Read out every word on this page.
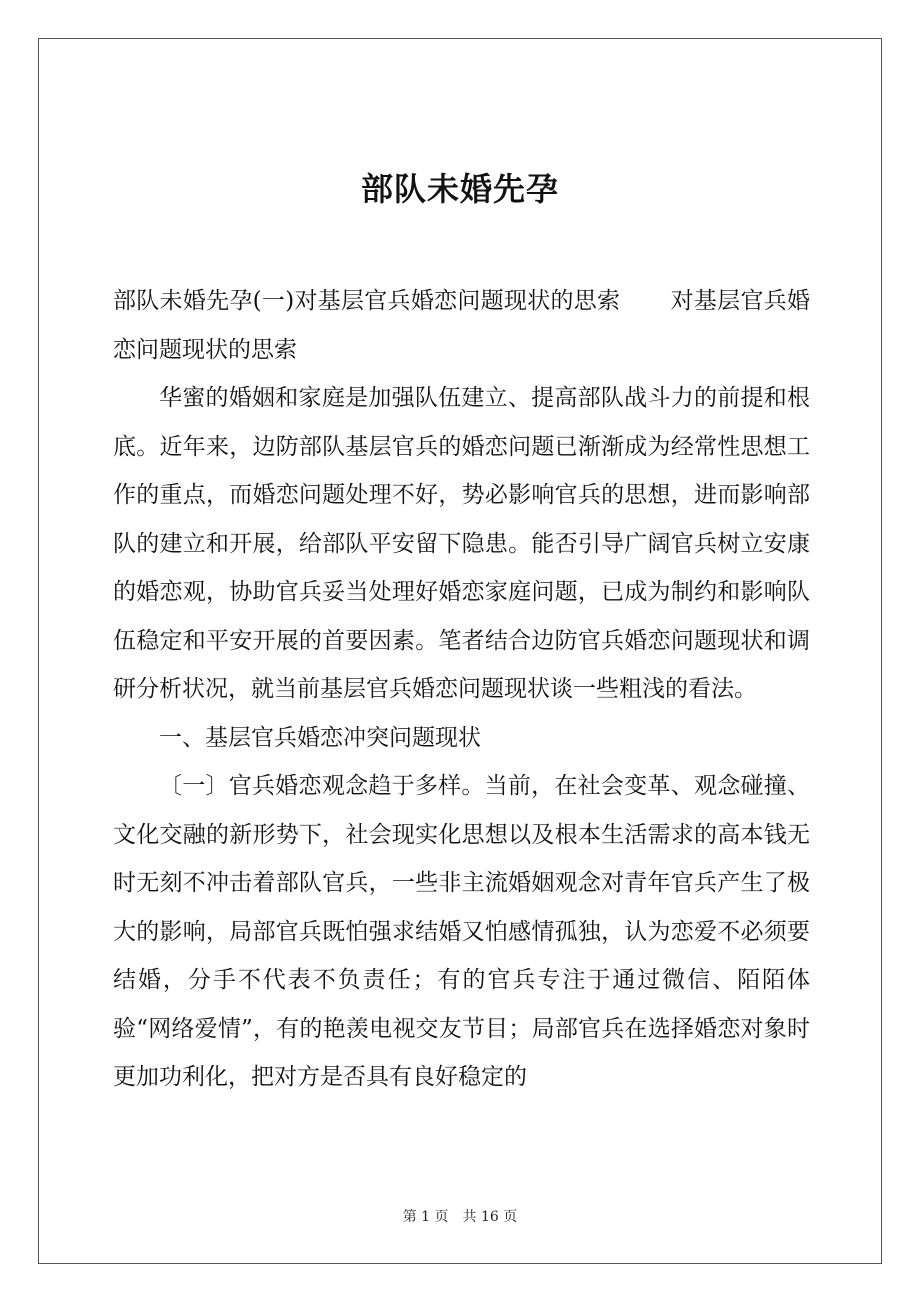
部队未婚先孕

部队未婚先孕(一)对基层官兵婚恋问题现状的思索 对基层官兵婚恋问题现状的思索

华蜜的婚姻和家庭是加强队伍建立、提高部队战斗力的前提和根底。近年来，边防部队基层官兵的婚恋问题已渐渐成为经常性思想工作的重点，而婚恋问题处理不好，势必影响官兵的思想，进而影响部队的建立和开展，给部队平安留下隐患。能否引导广阔官兵树立安康的婚恋观，协助官兵妥当处理好婚恋家庭问题，已成为制约和影响队伍稳定和平安开展的首要因素。笔者结合边防官兵婚恋问题现状和调研分析状况，就当前基层官兵婚恋问题现状谈一些粗浅的看法。

一、基层官兵婚恋冲突问题现状

〔一〕官兵婚恋观念趋于多样。当前，在社会变革、观念碰撞、文化交融的新形势下，社会现实化思想以及根本生活需求的高本钱无时无刻不冲击着部队官兵，一些非主流婚姻观念对青年官兵产生了极大的影响，局部官兵既怕强求结婚又怕感情孤独，认为恋爱不必须要结婚，分手不代表不负责任；有的官兵专注于通过微信、陌陌体验“网络爱情”，有的艳羡电视交友节目；局部官兵在选择婚恋对象时更加功利化，把对方是否具有良好稳定的

第 1 页 共 16 页
